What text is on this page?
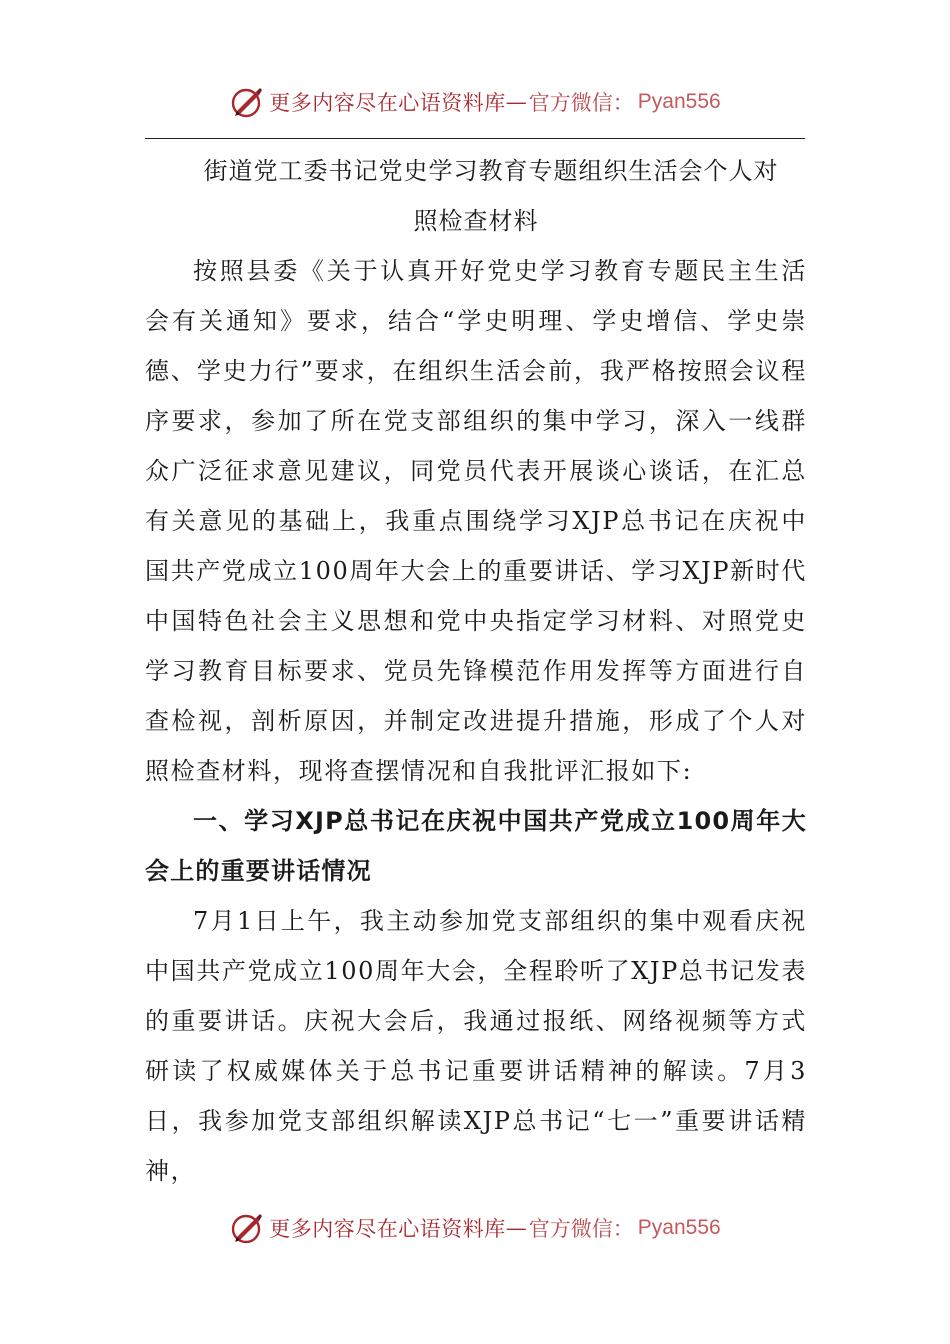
更多内容尽在心语资料库 — 官方微信： Pyan556
街道党工委书记党史学习教育专题组织生活会个人对
照检查材料

按照县委《关于认真开好党史学习教育专题民主生活会有关通知》要求，结合“学史明理、学史增信、学史崇德、学史力行”要求，在组织生活会前，我严格按照会议程序要求，参加了所在党支部组织的集中学习，深入一线群众广泛征求意见建议，同党员代表开展谈心谈话，在汇总有关意见的基础上，我重点围绕学习XJP总书记在庆祝中国共产党成立100周年大会上的重要讲话、学习XJP新时代中国特色社会主义思想和党中央指定学习材料、对照党史学习教育目标要求、党员先锋模范作用发挥等方面进行自查检视，剖析原因，并制定改进提升措施，形成了个人对照检查材料，现将查摆情况和自我批评汇报如下:

一、学习XJP总书记在庆祝中国共产党成立100周年大会上的重要讲话情况

7月1日上午，我主动参加党支部组织的集中观看庆祝中国共产党成立100周年大会，全程聆听了XJP总书记发表的重要讲话。庆祝大会后，我通过报纸、网络视频等方式研读了权威媒体关于总书记重要讲话精神的解读。7月3日，我参加党支部组织解读XJP总书记“七一”重要讲话精神，

更多内容尽在心语资料库 — 官方微信： Pyan556
